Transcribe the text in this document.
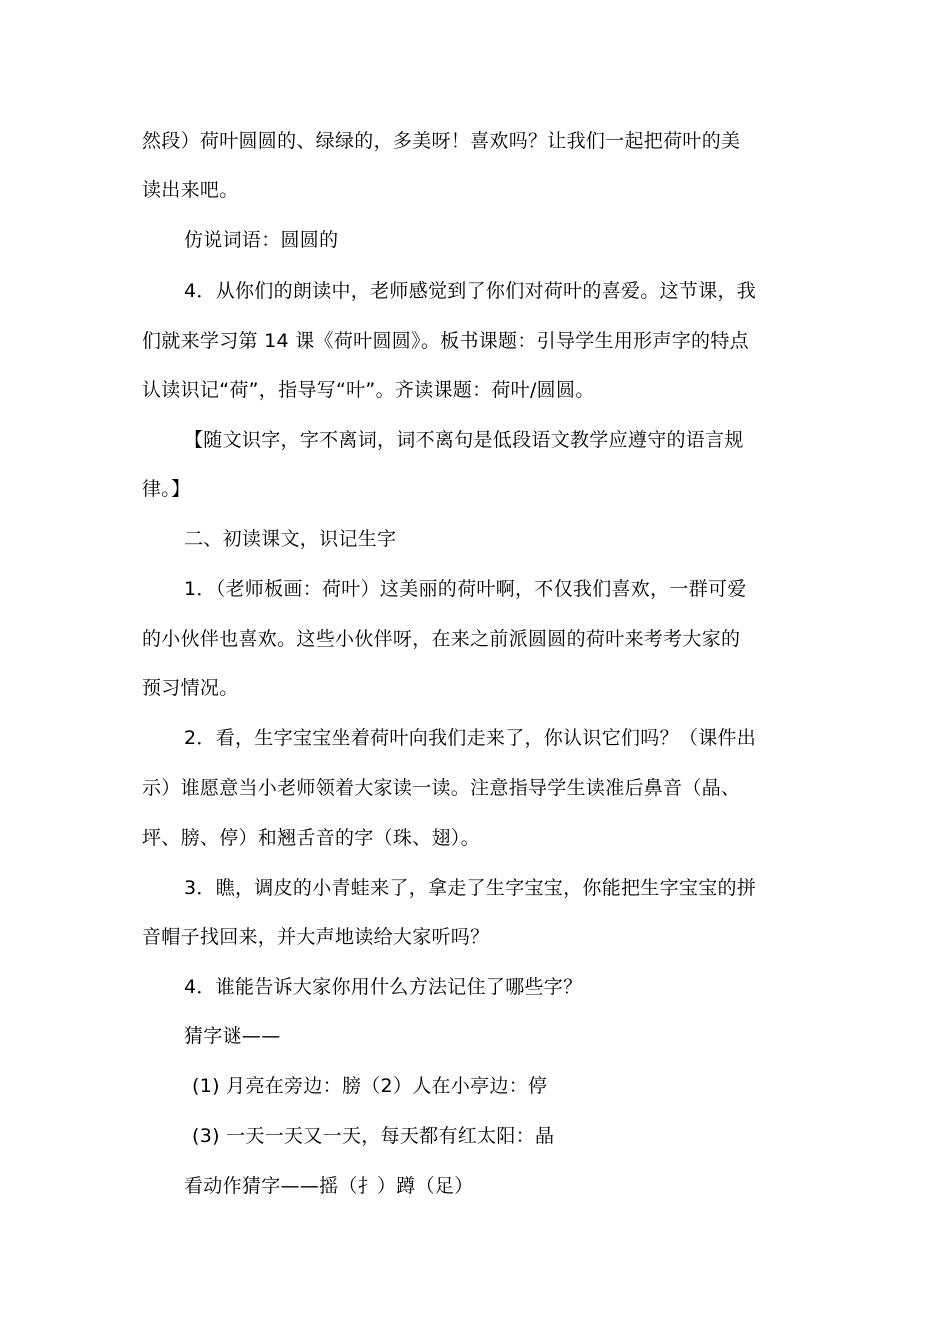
然段）荷叶圆圆的、绿绿的，多美呀！喜欢吗？让我们一起把荷叶的美
读出来吧。
仿说词语：圆圆的
4．从你们的朗读中，老师感觉到了你们对荷叶的喜爱。这节课，我
们就来学习第 14 课《荷叶圆圆》。板书课题：引导学生用形声字的特点
认读识记“荷”，指导写“叶”。齐读课题：荷叶/圆圆。
【随文识字，字不离词，词不离句是低段语文教学应遵守的语言规
律。】
二、初读课文，识记生字
1．（老师板画：荷叶）这美丽的荷叶啊，不仅我们喜欢，一群可爱
的小伙伴也喜欢。这些小伙伴呀，在来之前派圆圆的荷叶来考考大家的
预习情况。
2．看，生字宝宝坐着荷叶向我们走来了，你认识它们吗？（课件出
示）谁愿意当小老师领着大家读一读。注意指导学生读准后鼻音（晶、
坪、膀、停）和翘舌音的字（珠、翅）。
3．瞧，调皮的小青蛙来了，拿走了生字宝宝，你能把生字宝宝的拼
音帽子找回来，并大声地读给大家听吗？
4．谁能告诉大家你用什么方法记住了哪些字？
猜字谜——
(1) 月亮在旁边：膀（2）人在小亭边：停
(3) 一天一天又一天，每天都有红太阳：晶
看动作猜字——摇（扌）蹲（足）
